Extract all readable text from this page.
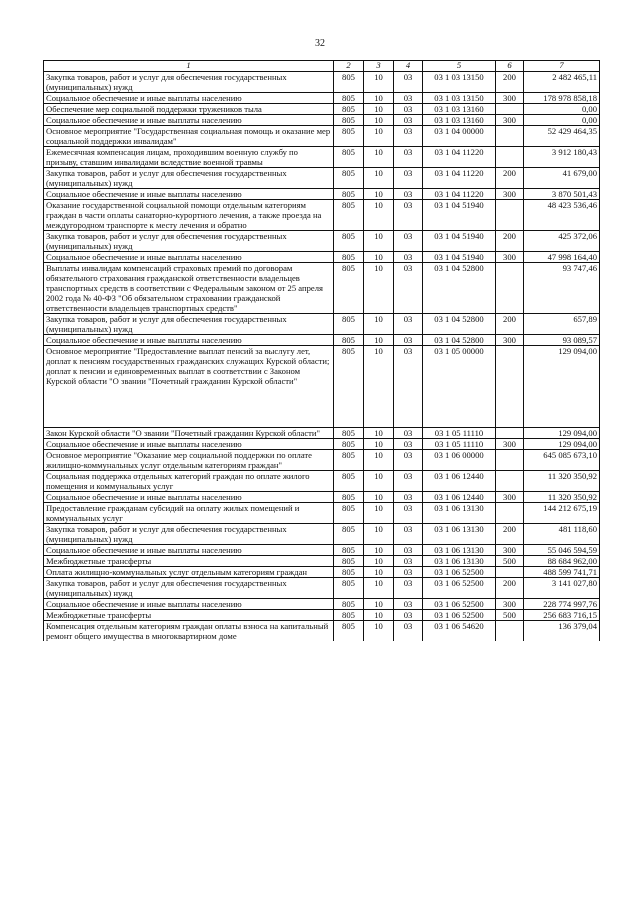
32
1	2	3	4	5	6	7
Закупка товаров, работ и услуг для обеспечения государственных (муниципальных) нужд	805	10	03	03 1 03 13150	200	2 482 465,11
Социальное обеспечение и иные выплаты населению	805	10	03	03 1 03 13150	300	178 978 858,18
Обеспечение мер социальной поддержки тружеников тыла	805	10	03	03 1 03 13160		0,00
Социальное обеспечение и иные выплаты населению	805	10	03	03 1 03 13160	300	0,00
Основное мероприятие "Государственная социальная помощь и оказание мер социальной поддержки инвалидам"	805	10	03	03 1 04 00000		52 429 464,35
Ежемесячная компенсация лицам, проходившим военную службу по призыву, ставшим инвалидами вследствие военной травмы	805	10	03	03 1 04 11220		3 912 180,43
Закупка товаров, работ и услуг для обеспечения государственных (муниципальных) нужд	805	10	03	03 1 04 11220	200	41 679,00
Социальное обеспечение и иные выплаты населению	805	10	03	03 1 04 11220	300	3 870 501,43
Оказание государственной социальной помощи отдельным категориям граждан в части оплаты санаторно-курортного лечения, а также проезда на междугородном транспорте к месту лечения и обратно	805	10	03	03 1 04 51940		48 423 536,46
Закупка товаров, работ и услуг для обеспечения государственных (муниципальных) нужд	805	10	03	03 1 04 51940	200	425 372,06
Социальное обеспечение и иные выплаты населению	805	10	03	03 1 04 51940	300	47 998 164,40
Выплаты инвалидам компенсаций страховых премий по договорам обязательного страхования гражданской ответственности владельцев транспортных средств в соответствии с Федеральным законом от 25 апреля 2002 года № 40-ФЗ "Об обязательном страховании гражданской ответственности владельцев транспортных средств"	805	10	03	03 1 04 52800		93 747,46
Закупка товаров, работ и услуг для обеспечения государственных (муниципальных) нужд	805	10	03	03 1 04 52800	200	657,89
Социальное обеспечение и иные выплаты населению	805	10	03	03 1 04 52800	300	93 089,57
Основное мероприятие "Предоставление выплат пенсий за выслугу лет, доплат к пенсиям государственных гражданских служащих Курской области; доплат к пенсии и единовременных выплат в соответствии с Законом Курской области "О звании "Почетный гражданин Курской области"	805	10	03	03 1 05 00000		129 094,00
Закон Курской области "О звании "Почетный гражданин Курской области"	805	10	03	03 1 05 11110		129 094,00
Социальное обеспечение и иные выплаты населению	805	10	03	03 1 05 11110	300	129 094,00
Основное мероприятие "Оказание мер социальной поддержки по оплате жилищно-коммунальных услуг отдельным категориям граждан"	805	10	03	03 1 06 00000		645 085 673,10
Социальная поддержка отдельных категорий граждан по оплате жилого помещения и коммунальных услуг	805	10	03	03 1 06 12440		11 320 350,92
Социальное обеспечение и иные выплаты населению	805	10	03	03 1 06 12440	300	11 320 350,92
Предоставление гражданам субсидий на оплату жилых помещений и коммунальных услуг	805	10	03	03 1 06 13130		144 212 675,19
Закупка товаров, работ и услуг для обеспечения государственных (муниципальных) нужд	805	10	03	03 1 06 13130	200	481 118,60
Социальное обеспечение и иные выплаты населению	805	10	03	03 1 06 13130	300	55 046 594,59
Межбюджетные трансферты	805	10	03	03 1 06 13130	500	88 684 962,00
Оплата жилищно-коммунальных услуг отдельным категориям граждан	805	10	03	03 1 06 52500		488 599 741,71
Закупка товаров, работ и услуг для обеспечения государственных (муниципальных) нужд	805	10	03	03 1 06 52500	200	3 141 027,80
Социальное обеспечение и иные выплаты населению	805	10	03	03 1 06 52500	300	228 774 997,76
Межбюджетные трансферты	805	10	03	03 1 06 52500	500	256 683 716,15
Компенсация отдельным категориям граждан оплаты взноса на капитальный ремонт общего имущества в многоквартирном доме	805	10	03	03 1 06 54620		136 379,04
